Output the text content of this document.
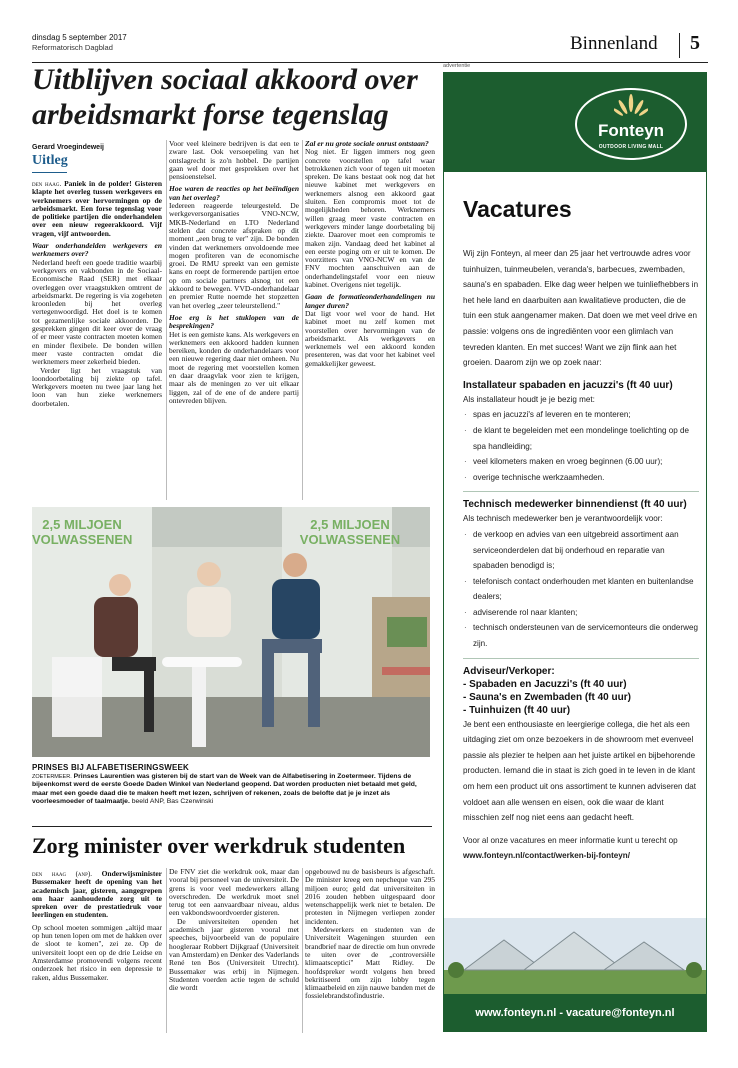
dinsdag 5 september 2017
Reformatorisch Dagblad	Binnenland 5
Uitblijven sociaal akkoord over arbeidsmarkt forse tegenslag
Gerard Vroegindeweij
Uitleg

den haag. Paniek in de polder! Gisteren klapte het overleg tussen werkgevers en werknemers over hervormingen op de arbeidsmarkt. Een forse tegenslag voor de politieke partijen die onderhandelen over een nieuw regeerakkoord. Vijf vragen, vijf antwoorden.

Waar onderhandelden werkgevers en werknemers over?

Nederland heeft een goede traditie waarbij werkgevers en vakbonden in de Sociaal-Economische Raad (SER) met elkaar overleggen over vraagstukken omtrent de arbeidsmarkt. De regering is via zogeheten kroonleden bij het overleg vertegenwoordigd. Het doel is te komen tot gezamenlijke sociale akkoorden. De gesprekken gingen dit keer over de vraag of er meer vaste contracten moeten komen en minder flexibele. De bonden willen meer vaste contracten omdat die werknemers meer zekerheid bieden.

Verder ligt het vraagstuk van loondoorbetaling bij ziekte op tafel. Werkgevers moeten nu twee jaar lang het loon van hun zieke werknemers doorbetalen.

Voor veel kleinere bedrijven is dat een te zware last. Ook versoepeling van het ontslagrecht is zo'n hobbel. De partijen gaan wel door met gesprekken over het pensioenstelsel.

Hoe waren de reacties op het beëindigen van het overleg?

Iedereen reageerde teleurgesteld. De werkgeversorganisaties VNO-NCW, MKB-Nederland en LTO Nederland stelden dat concrete afspraken op dit moment „een brug te ver" zijn. De bonden vinden dat werknemers onvoldoende mee mogen profiteren van de economische groei. De RMU spreekt van een gemiste kans en roept de formerende partijen ertoe op om sociale partners alsnog tot een akkoord te bewegen. VVD-onderhandelaar en premier Rutte noemde het stopzetten van het overleg „zeer teleurstellend."

Hoe erg is het stuklopen van de besprekingen?

Het is een gemiste kans. Als werkgevers en werknemers een akkoord hadden kunnen bereiken, konden de onderhandelaars voor een nieuwe regering daar niet omheen. Nu moet de regering met voorstellen komen en daar draagvlak voor zien te krijgen, maar als de meningen zo ver uit elkaar liggen, zal of de ene of de andere partij ontevreden blijven.

Zal er nu grote sociale onrust ontstaan?

Nog niet. Er liggen immers nog geen concrete voorstellen op tafel waar betrokkenen zich voor of tegen uit moeten spreken. De kans bestaat ook nog dat het nieuwe kabinet met werkgevers en werknemers alsnog een akkoord gaat sluiten. Een compromis moet tot de mogelijkheden behoren. Werknemers willen graag meer vaste contracten en werkgevers minder lange doorbetaling bij ziekte. Daarover moet een compromis te maken zijn. Vandaag deed het kabinet al een eerste poging om er uit te komen. De voorzitters van VNO-NCW en van de FNV mochten aanschuiven aan de onderhandelingstafel voor een nieuw kabinet. Overigens niet tegelijk.

Gaan de formatieonderhandelingen nu langer duren?

Dat ligt voor wel voor de hand. Het kabinet moet nu zelf komen met voorstellen over hervormingen van de arbeidsmarkt. Als werkgevers en werknemels wel een akkoord konden presenteren, was dat voor het kabinet veel gemakkelijker geweest.

2,5 MILJOEN
VOLWASSENEN
2,5 MILJOEN
VOLWASSENEN
PRINSES BIJ ALFABETISERINGSWEEK
ZOETERMEER. Prinses Laurentien was gisteren bij de start van de Week van de Alfabetisering in Zoetermeer. Tijdens de bijeenkomst werd de eerste Goede Daden Winkel van Nederland geopend. Dat worden producten niet betaald met geld, maar met een goede daad die te maken heeft met lezen, schrijven of rekenen, zoals de belofte dat je je inzet als voorleesmoeder of taalmaatje. beeld ANP, Bas Czerwinski
Zorg minister over werkdruk studenten

den haag (anp). Onderwijsminister Bussemaker heeft de opening van het academisch jaar, gisteren, aangegrepen om haar aanhoudende zorg uit te spreken over de prestatiedruk voor leerlingen en studenten.

Op school moeten sommigen „altijd maar op hun tenen lopen om met de hakken over de sloot te komen", zei ze. Op de universiteit loopt een op de drie Leidse en Amsterdamse promovendi volgens recent onderzoek het risico in een depressie te raken, aldus Bussemaker.

De FNV ziet die werkdruk ook, maar dan vooral bij personeel van de universiteit. De grens is voor veel medewerkers allang overschreden. De werkdruk moet snel terug tot een aanvaardbaar niveau, aldus een vakbondswoordvoerder gisteren.

De universiteiten openden het academisch jaar gisteren vooral met speeches, bijvoorbeeld van de populaire hoogleraar Robbert Dijkgraaf (Universiteit van Amsterdam) en Denker des Vaderlands René ten Bos (Universiteit Utrecht). Bussemaker was erbij in Nijmegen. Studenten voerden actie tegen de schuld die wordt

opgebouwd nu de basisbeurs is afgeschaft. De minister kreeg een nepcheque van 295 miljoen euro; geld dat universiteiten in 2016 zouden hebben uitgespaard door wetenschappelijk werk niet te betalen. De protesten in Nijmegen verliepen zonder incidenten.

Medewerkers en studenten van de Universiteit Wageningen stuurden een brandbrief naar de directie om hun onvrede te uiten over de „controversiële klimaatsceptici" Matt Ridley. De hoofdspreker wordt volgens hen breed bekritiseerd om zijn lobby tegen klimaatbeleid en zijn nauwe banden met de fossielebrandstofindustrie.

advertentie
Fonteyn
OUTDOOR LIVING MALL
Vacatures

Wij zijn Fonteyn, al meer dan 25 jaar het vertrouwde adres voor tuinhuizen, tuinmeubelen, veranda's, barbecues, zwembaden, sauna's en spabaden. Elke dag weer helpen we tuinliefhebbers in het hele land en daarbuiten aan kwalitatieve producten, die de tuin een stuk aangenamer maken. Dat doen we met veel drive en passie: volgens ons de ingrediënten voor een glimlach van tevreden klanten. En met succes! Want we zijn flink aan het groeien. Daarom zijn we op zoek naar:

Installateur spabaden en jacuzzi's (ft 40 uur)

Als installateur houdt je je bezig met:

· spas en jacuzzi's af leveren en te monteren;
· de klant te begeleiden met een mondelinge toelichting op de spa handleiding;
· veel kilometers maken en vroeg beginnen (6.00 uur);
· overige technische werkzaamheden.

Technisch medewerker binnendienst (ft 40 uur)

Als technisch medewerker ben je verantwoordelijk voor:

· de verkoop en advies van een uitgebreid assortiment aan serviceonderdelen dat bij onderhoud en reparatie van spabaden benodigd is;
· telefonisch contact onderhouden met klanten en buitenlandse dealers;
· adviserende rol naar klanten;
· technisch ondersteunen van de servicemonteurs die onderweg zijn.
Adviseur/Verkoper:
- Spabaden en Jacuzzi's (ft 40 uur)
- Sauna's en Zwembaden (ft 40 uur)
- Tuinhuizen (ft 40 uur)

Je bent een enthousiaste en leergierige collega, die het als een uitdaging ziet om onze bezoekers in de showroom met evenveel passie als plezier te helpen aan het juiste artikel en bijbehorende producten. Iemand die in staat is zich goed in te leven in de klant om hem een product uit ons assortiment te kunnen adviseren dat voldoet aan alle wensen en eisen, ook die waar de klant misschien zelf nog niet eens aan gedacht heeft.

Voor al onze vacatures en meer informatie kunt u terecht op

www.fonteyn.nl/contact/werken-bij-fonteyn/

www.fonteyn.nl - vacature@fonteyn.nl
